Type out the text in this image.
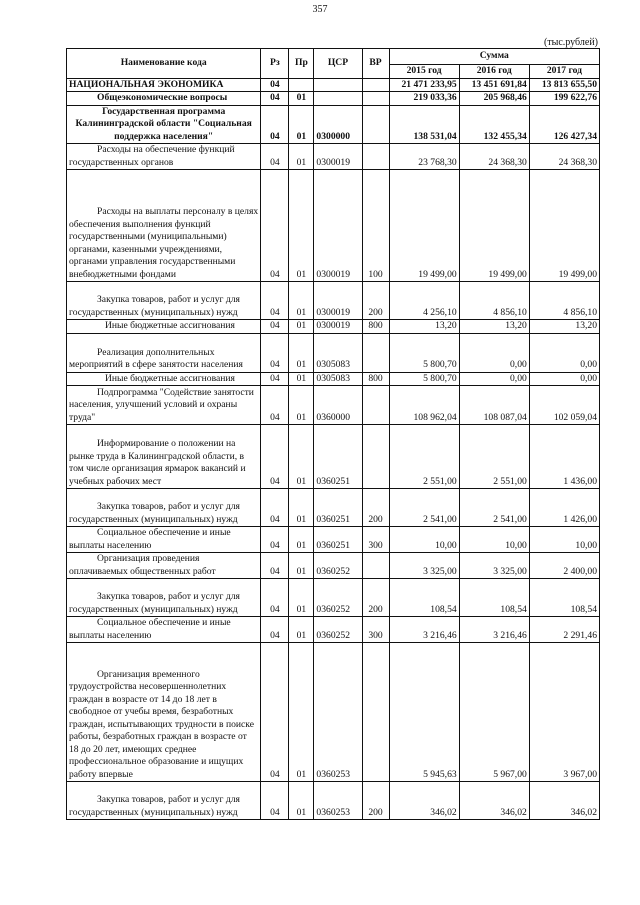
357
(тыс.рублей)
Наименование кода	Рз	Пр	ЦСР	ВР	Сумма		
					2015 год	2016 год	2017 год
НАЦИОНАЛЬНАЯ ЭКОНОМИКА	04				21 471 233,95	13 451 691,84	13 813 655,50
Общеэкономические вопросы	04	01			219 033,36	205 968,46	199 622,76
Государственная программа Калининградской области "Социальная поддержка населения"	04	01	0300000		138 531,04	132 455,34	126 427,34
Расходы на обеспечение функций государственных органов	04	01	0300019		23 768,30	24 368,30	24 368,30
Расходы на выплаты персоналу в целях обеспечения выполнения функций государственными (муниципальными) органами, казенными учреждениями, органами управления государственными внебюджетными фондами	04	01	0300019	100	19 499,00	19 499,00	19 499,00
Закупка товаров, работ и услуг для государственных (муниципальных) нужд	04	01	0300019	200	4 256,10	4 856,10	4 856,10
Иные бюджетные ассигнования	04	01	0300019	800	13,20	13,20	13,20
Реализация дополнительных мероприятий в сфере занятости населения	04	01	0305083		5 800,70	0,00	0,00
Иные бюджетные ассигнования	04	01	0305083	800	5 800,70	0,00	0,00
Подпрограмма "Содействие занятости населения, улучшений условий и охраны труда"	04	01	0360000		108 962,04	108 087,04	102 059,04
Информирование о положении на рынке труда в Калининградской области, в том числе организация ярмарок вакансий и учебных рабочих мест	04	01	0360251		2 551,00	2 551,00	1 436,00
Закупка товаров, работ и услуг для государственных (муниципальных) нужд	04	01	0360251	200	2 541,00	2 541,00	1 426,00
Социальное обеспечение и иные выплаты населению	04	01	0360251	300	10,00	10,00	10,00
Организация проведения оплачиваемых общественных работ	04	01	0360252		3 325,00	3 325,00	2 400,00
Закупка товаров, работ и услуг для государственных (муниципальных) нужд	04	01	0360252	200	108,54	108,54	108,54
Социальное обеспечение и иные выплаты населению	04	01	0360252	300	3 216,46	3 216,46	2 291,46
Организация временного трудоустройства несовершеннолетних граждан в возрасте от 14 до 18 лет в свободное от учебы время, безработных граждан, испытывающих трудности в поиске работы, безработных граждан в возрасте от 18 до 20 лет, имеющих среднее профессиональное образование и ищущих работу впервые	04	01	0360253		5 945,63	5 967,00	3 967,00
Закупка товаров, работ и услуг для государственных (муниципальных) нужд	04	01	0360253	200	346,02	346,02	346,02
